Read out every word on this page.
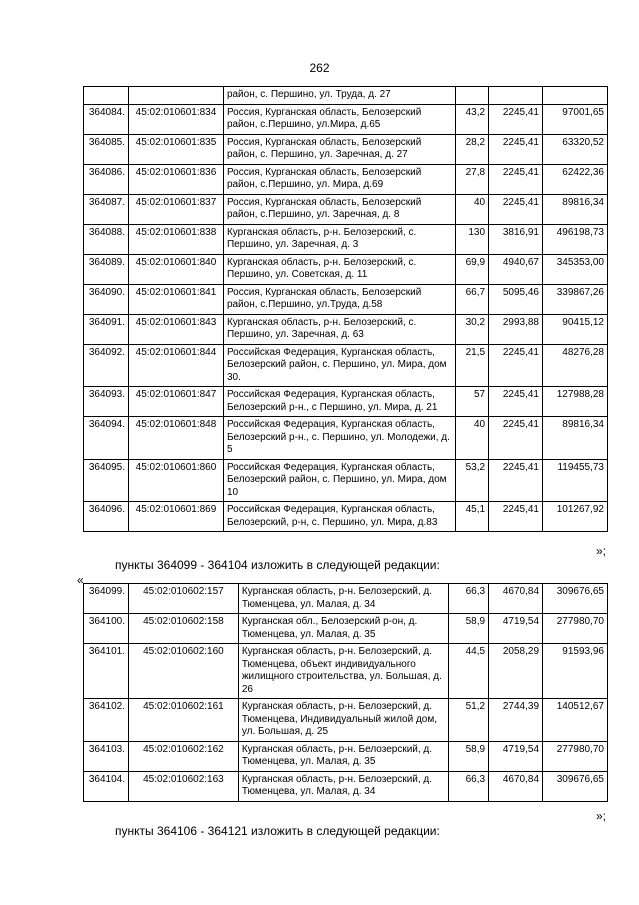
262
		район, с. Першино, ул. Труда, д. 27			
364084.	45:02:010601:834	Россия, Курганская область, Белозерский район, с.Першино, ул.Мира, д.65	43,2	2245,41	97001,65
364085.	45:02:010601:835	Россия, Курганская область, Белозерский район, с. Першино, ул. Заречная, д. 27	28,2	2245,41	63320,52
364086.	45:02:010601:836	Россия, Курганская область, Белозерский район, с.Першино, ул. Мира, д.69	27,8	2245,41	62422,36
364087.	45:02:010601:837	Россия, Курганская область, Белозерский район, с.Першино, ул. Заречная, д. 8	40	2245,41	89816,34
364088.	45:02:010601:838	Курганская область, р-н. Белозерский, с. Першино, ул. Заречная, д. 3	130	3816,91	496198,73
364089.	45:02:010601:840	Курганская область, р-н. Белозерский, с. Першино, ул. Советская, д. 11	69,9	4940,67	345353,00
364090.	45:02:010601:841	Россия, Курганская область, Белозерский район, с.Першино, ул.Труда, д.58	66,7	5095,46	339867,26
364091.	45:02:010601:843	Курганская область, р-н. Белозерский, с. Першино, ул. Заречная, д. 63	30,2	2993,88	90415,12
364092.	45:02:010601:844	Российская Федерация, Курганская область, Белозерский район, с. Першино, ул. Мира, дом 30.	21,5	2245,41	48276,28
364093.	45:02:010601:847	Российская Федерация, Курганская область, Белозерский р-н., с Першино, ул. Мира, д. 21	57	2245,41	127988,28
364094.	45:02:010601:848	Российская Федерация, Курганская область, Белозерский р-н., с. Першино, ул. Молодежи, д. 5	40	2245,41	89816,34
364095.	45:02:010601:860	Российская Федерация, Курганская область, Белозерский район, с. Першино, ул. Мира, дом 10	53,2	2245,41	119455,73
364096.	45:02:010601:869	Российская Федерация, Курганская область, Белозерский, р-н, с. Першино, ул. Мира, д.83	45,1	2245,41	101267,92
»;
пункты 364099 - 364104 изложить в следующей редакции:
«
364099.	45:02:010602:157	Курганская область, р-н. Белозерский, д. Тюменцева, ул. Малая, д. 34	66,3	4670,84	309676,65
364100.	45:02:010602:158	Курганская обл., Белозерский р-он, д. Тюменцева, ул. Малая, д. 35	58,9	4719,54	277980,70
364101.	45:02:010602:160	Курганская область, р-н. Белозерский, д. Тюменцева, объект индивидуального жилищного строительства, ул. Большая, д. 26	44,5	2058,29	91593,96
364102.	45:02:010602:161	Курганская область, р-н. Белозерский, д. Тюменцева, Индивидуальный жилой дом, ул. Большая, д. 25	51,2	2744,39	140512,67
364103.	45:02:010602:162	Курганская область, р-н. Белозерский, д. Тюменцева, ул. Малая, д. 35	58,9	4719,54	277980,70
364104.	45:02:010602:163	Курганская область, р-н. Белозерский, д. Тюменцева, ул. Малая, д. 34	66,3	4670,84	309676,65
»;
пункты 364106 - 364121 изложить в следующей редакции:
